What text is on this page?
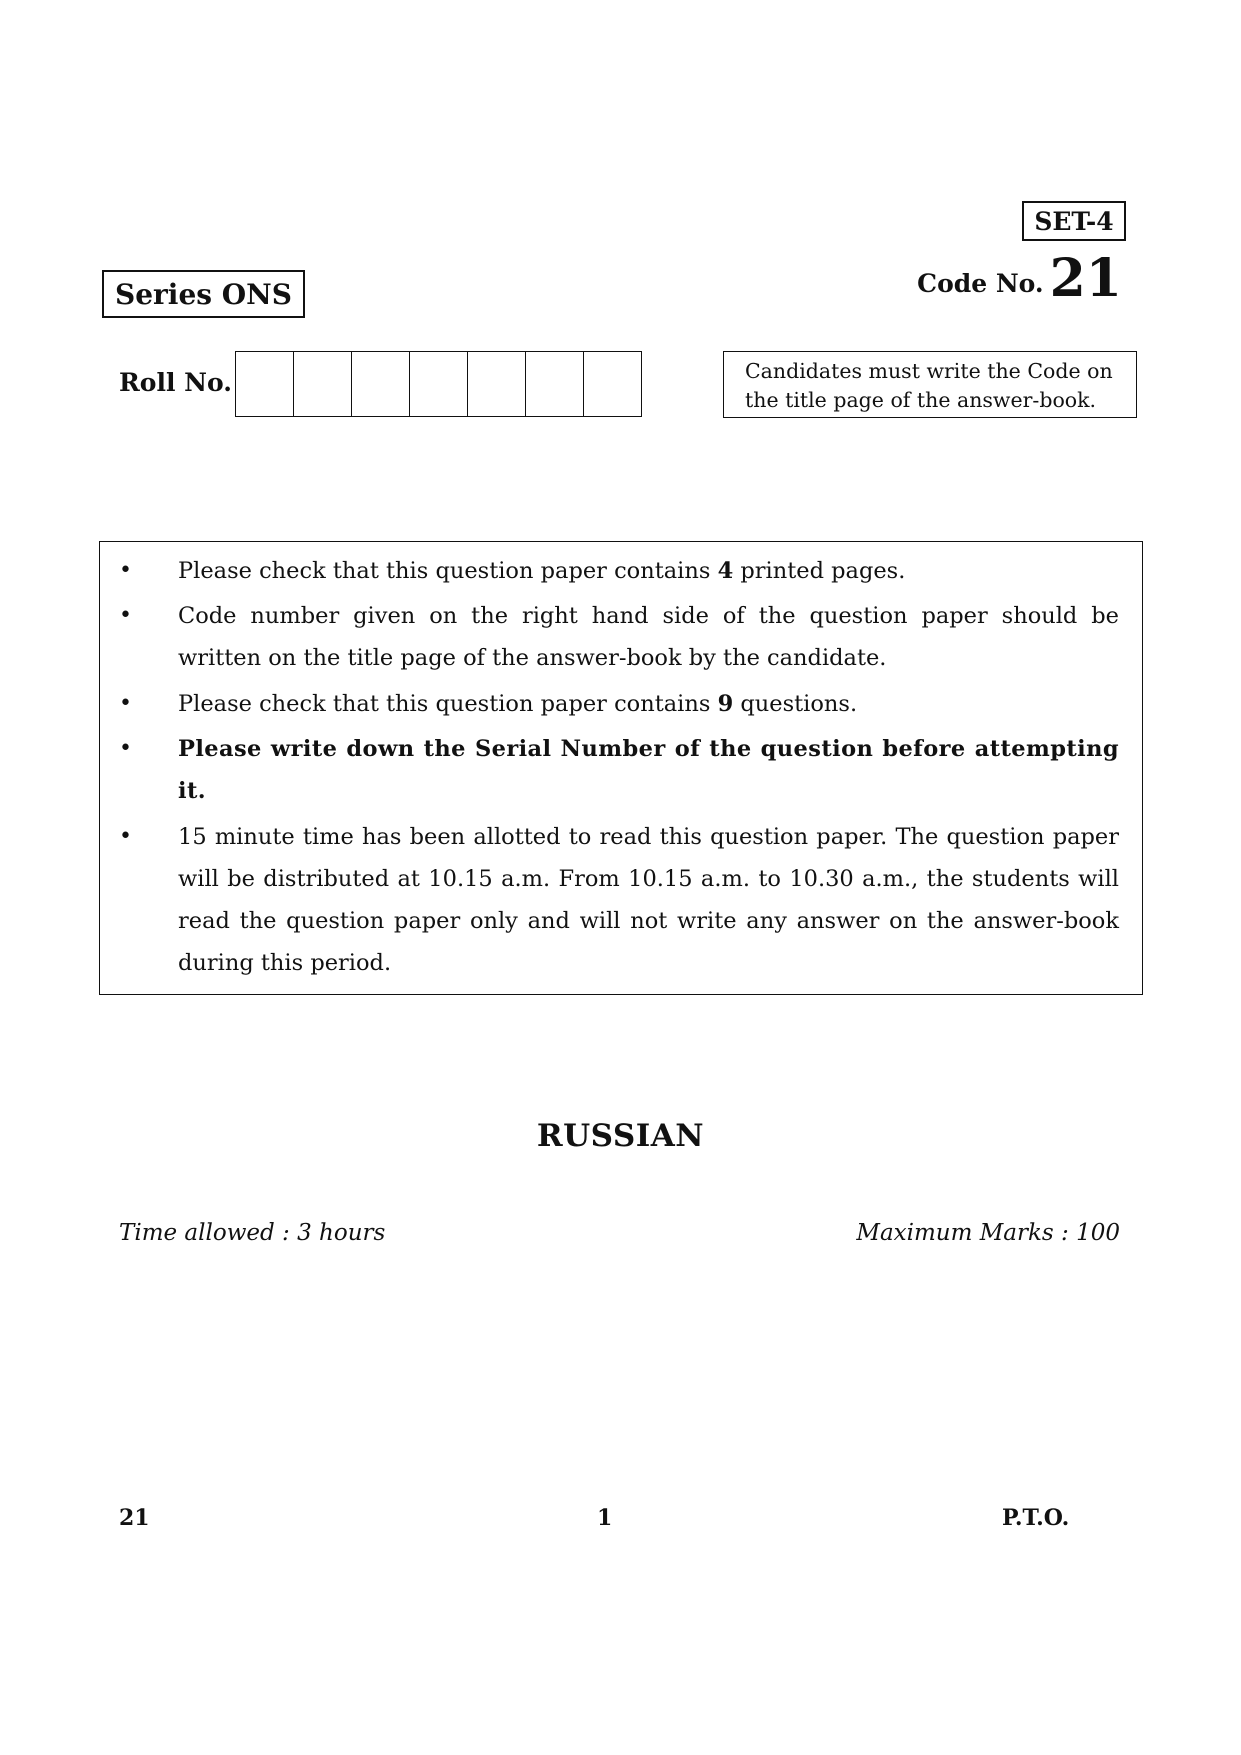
SET-4
Series ONS	Code No. 21
Roll No.	Candidates must write the Code on the title page of the answer-book.
• Please check that this question paper contains 4 printed pages.
• Code number given on the right hand side of the question paper should be written on the title page of the answer-book by the candidate.
• Please check that this question paper contains 9 questions.
• Please write down the Serial Number of the question before attempting it.
• 15 minute time has been allotted to read this question paper. The question paper will be distributed at 10.15 a.m. From 10.15 a.m. to 10.30 a.m., the students will read the question paper only and will not write any answer on the answer-book during this period.
RUSSIAN
Time allowed : 3 hours	Maximum Marks : 100
21	1	P.T.O.
